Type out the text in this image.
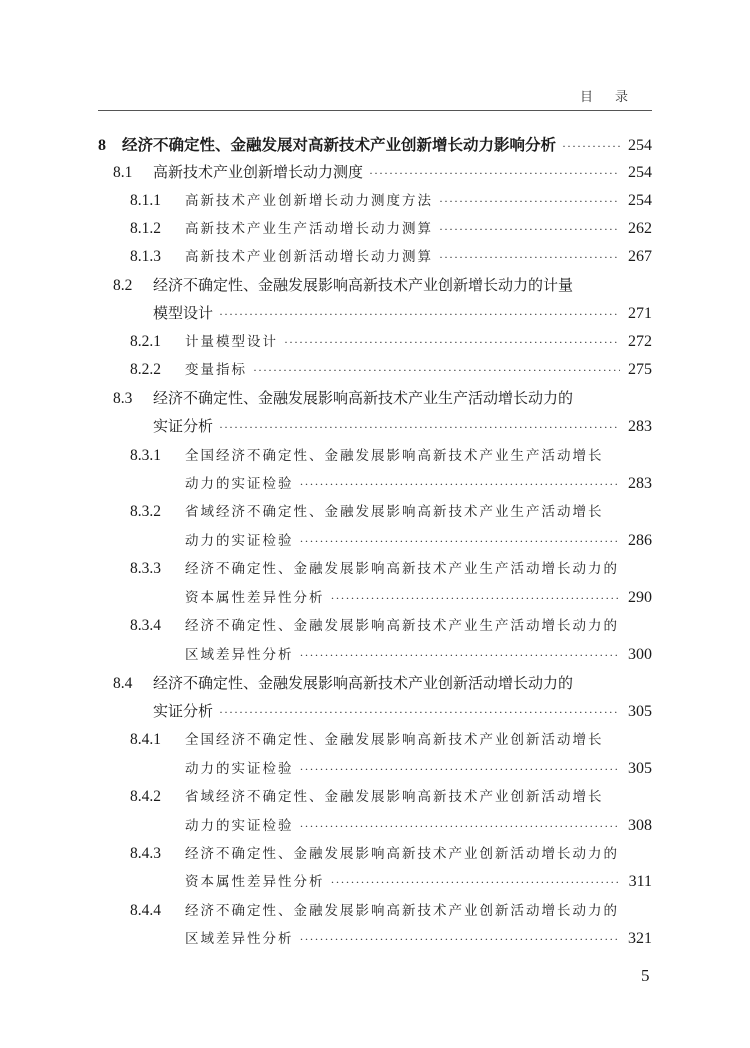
目录
8	经济不确定性、金融发展对高新技术产业创新增长动力影响分析 ·····	254
8.1	高新技术产业创新增长动力测度 ·····	254
8.1.1	高新技术产业创新增长动力测度方法 ·····	254
8.1.2	高新技术产业生产活动增长动力测算 ·····	262
8.1.3	高新技术产业创新活动增长动力测算 ·····	267
8.2	经济不确定性、金融发展影响高新技术产业创新增长动力的计量
模型设计 ·····	271
8.2.1	计量模型设计 ·····	272
8.2.2	变量指标 ·····	275
8.3	经济不确定性、金融发展影响高新技术产业生产活动增长动力的
实证分析 ·····	283
8.3.1	全国经济不确定性、金融发展影响高新技术产业生产活动增长
动力的实证检验 ·····	283
8.3.2	省域经济不确定性、金融发展影响高新技术产业生产活动增长
动力的实证检验 ·····	286
8.3.3	经济不确定性、金融发展影响高新技术产业生产活动增长动力的
资本属性差异性分析 ·····	290
8.3.4	经济不确定性、金融发展影响高新技术产业生产活动增长动力的
区域差异性分析 ·····	300
8.4	经济不确定性、金融发展影响高新技术产业创新活动增长动力的
实证分析 ·····	305
8.4.1	全国经济不确定性、金融发展影响高新技术产业创新活动增长
动力的实证检验 ·····	305
8.4.2	省域经济不确定性、金融发展影响高新技术产业创新活动增长
动力的实证检验 ·····	308
8.4.3	经济不确定性、金融发展影响高新技术产业创新活动增长动力的
资本属性差异性分析 ·····	311
8.4.4	经济不确定性、金融发展影响高新技术产业创新活动增长动力的
区域差异性分析 ·····	321
5
